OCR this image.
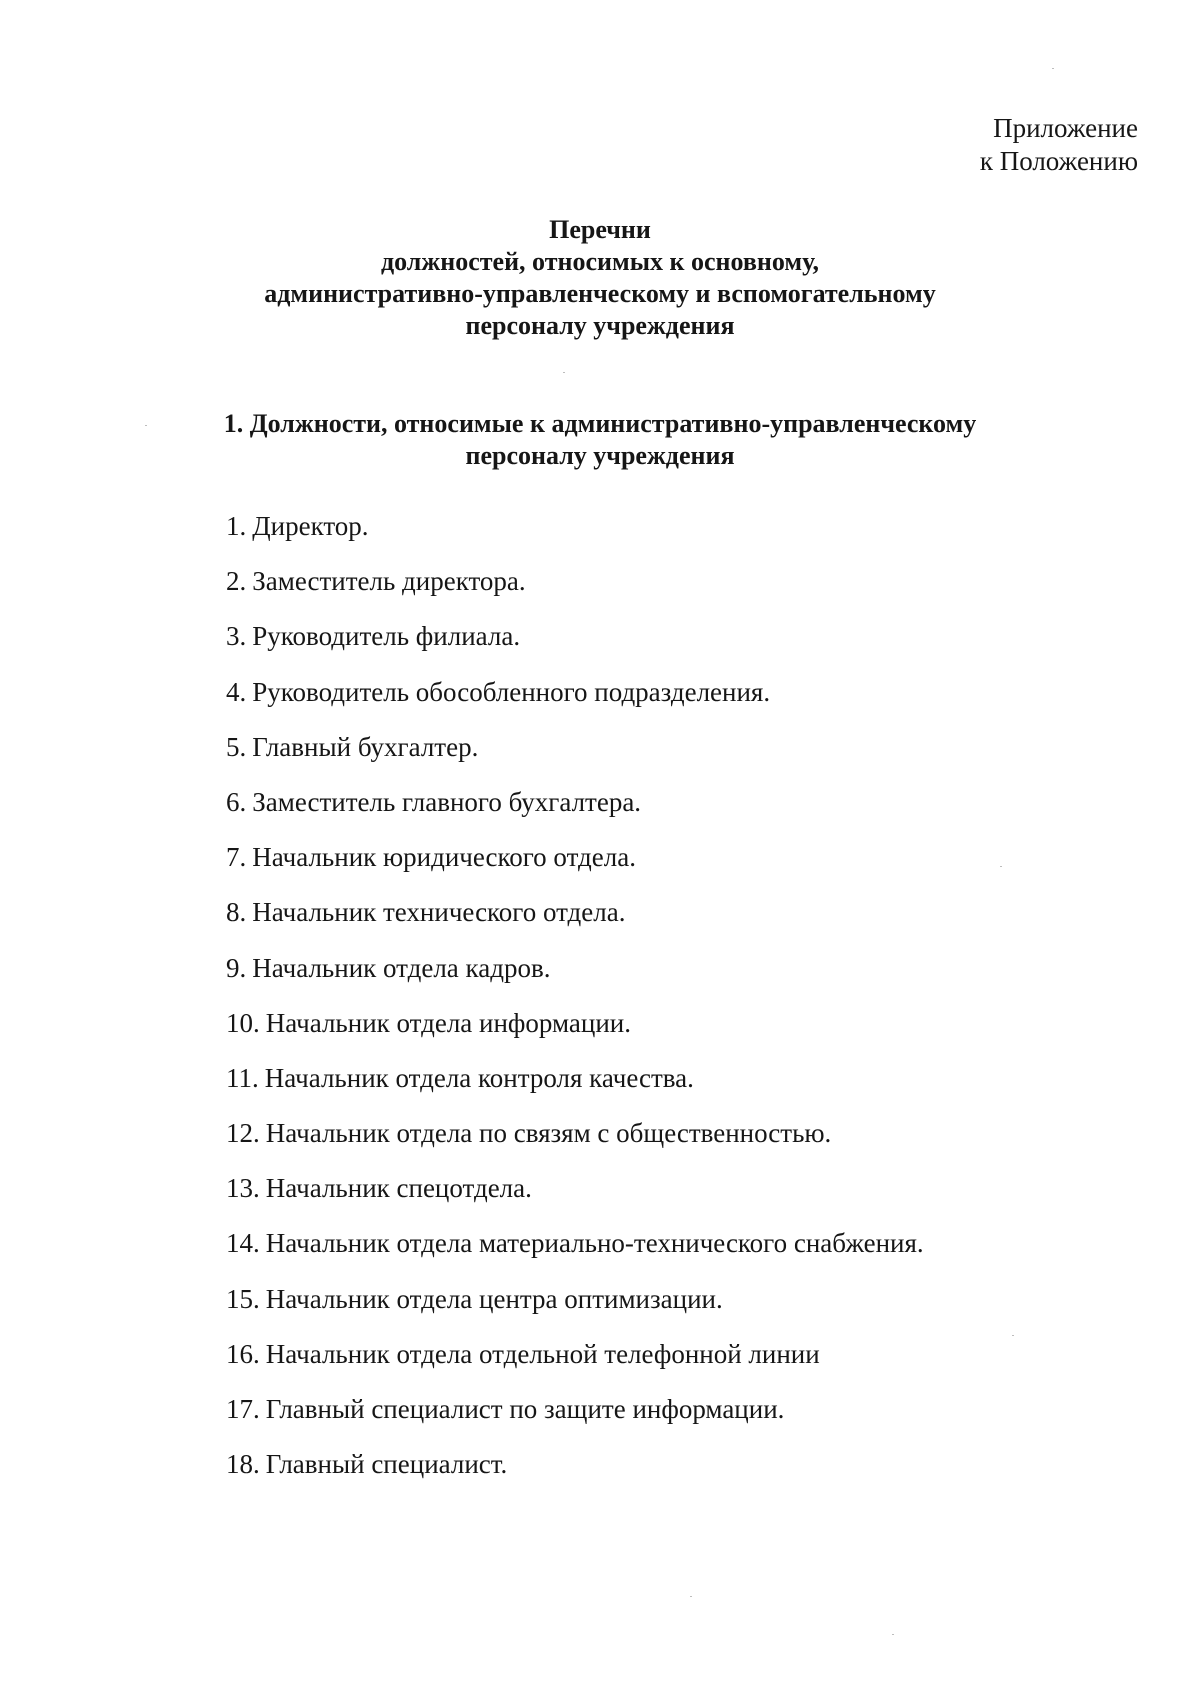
Приложение
к Положению
Перечни
должностей, относимых к основному,
административно-управленческому и вспомогательному
персоналу учреждения
1. Должности, относимые к административно-управленческому
персоналу учреждения
1. Директор.
2. Заместитель директора.
3. Руководитель филиала.
4. Руководитель обособленного подразделения.
5. Главный бухгалтер.
6. Заместитель главного бухгалтера.
7. Начальник юридического отдела.
8. Начальник технического отдела.
9. Начальник отдела кадров.
10. Начальник отдела информации.
11. Начальник отдела контроля качества.
12. Начальник отдела по связям с общественностью.
13. Начальник спецотдела.
14. Начальник отдела материально-технического снабжения.
15. Начальник отдела центра оптимизации.
16. Начальник отдела отдельной телефонной линии
17. Главный специалист по защите информации.
18. Главный специалист.
